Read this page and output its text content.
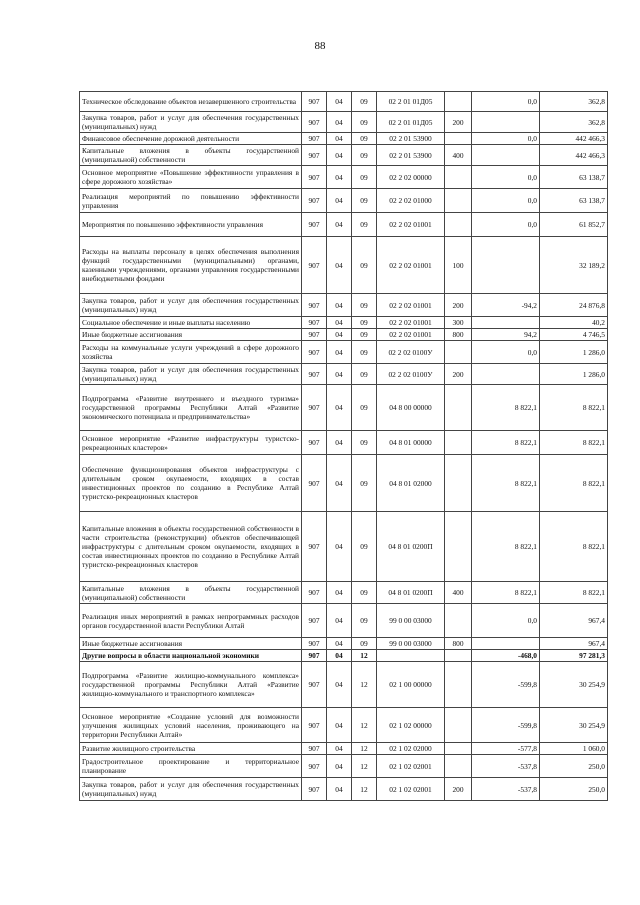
88
Техническое обследование объектов незавершенного строительства	907	04	09	02 2 01 01Д05		0,0	362,8
Закупка товаров, работ и услуг для обеспечения государственных (муниципальных) нужд	907	04	09	02 2 01 01Д05	200		362,8
Финансовое обеспечение дорожной деятельности	907	04	09	02 2 01 53900		0,0	442 466,3
Капитальные вложения в объекты государственной (муниципальной) собственности	907	04	09	02 2 01 53900	400		442 466,3
Основное мероприятие «Повышение эффективности управления в сфере дорожного хозяйства»	907	04	09	02 2 02 00000		0,0	63 138,7
Реализация мероприятий по повышению эффективности управления	907	04	09	02 2 02 01000		0,0	63 138,7
Мероприятия по повышению эффективности управления	907	04	09	02 2 02 01001		0,0	61 852,7
Расходы на выплаты персоналу в целях обеспечения выполнения функций государственными (муниципальными) органами, казенными учреждениями, органами управления государственными внебюджетными фондами	907	04	09	02 2 02 01001	100		32 189,2
Закупка товаров, работ и услуг для обеспечения государственных (муниципальных) нужд	907	04	09	02 2 02 01001	200	-94,2	24 876,8
Социальное обеспечение и иные выплаты населению	907	04	09	02 2 02 01001	300		40,2
Иные бюджетные ассигнования	907	04	09	02 2 02 01001	800	94,2	4 746,5
Расходы на коммунальные услуги учреждений в сфере дорожного хозяйства	907	04	09	02 2 02 0100У		0,0	1 286,0
Закупка товаров, работ и услуг для обеспечения государственных (муниципальных) нужд	907	04	09	02 2 02 0100У	200		1 286,0
Подпрограмма «Развитие внутреннего и въездного туризма» государственной программы Республики Алтай «Развитие экономического потенциала и предпринимательства»	907	04	09	04 8 00 00000		8 822,1	8 822,1
Основное мероприятие «Развитие инфраструктуры туристско-рекреационных кластеров»	907	04	09	04 8 01 00000		8 822,1	8 822,1
Обеспечение функционирования объектов инфраструктуры с длительным сроком окупаемости, входящих в состав инвестиционных проектов по созданию в Республике Алтай туристско-рекреационных кластеров	907	04	09	04 8 01 02000		8 822,1	8 822,1
Капитальные вложения в объекты государственной собственности в части строительства (реконструкции) объектов обеспечивающей инфраструктуры с длительным сроком окупаемости, входящих в состав инвестиционных проектов по созданию в Республике Алтай туристско-рекреационных кластеров	907	04	09	04 8 01 0200П		8 822,1	8 822,1
Капитальные вложения в объекты государственной (муниципальной) собственности	907	04	09	04 8 01 0200П	400	8 822,1	8 822,1
Реализация иных мероприятий в рамках непрограммных расходов органов государственной власти Республики Алтай	907	04	09	99 0 00 03000		0,0	967,4
Иные бюджетные ассигнования	907	04	09	99 0 00 03000	800		967,4
Другие вопросы в области национальной экономики	907	04	12			-468,0	97 281,3
Подпрограмма «Развитие жилищно-коммунального комплекса» государственной программы Республики Алтай «Развитие жилищно-коммунального и транспортного комплекса»	907	04	12	02 1 00 00000		-599,8	30 254,9
Основное мероприятие «Создание условий для возможности улучшения жилищных условий населения, проживающего на территории Республики Алтай»	907	04	12	02 1 02 00000		-599,8	30 254,9
Развитие жилищного строительства	907	04	12	02 1 02 02000		-577,8	1 060,0
Градостроительное проектирование и территориальное планирование	907	04	12	02 1 02 02001		-537,8	250,0
Закупка товаров, работ и услуг для обеспечения государственных (муниципальных) нужд	907	04	12	02 1 02 02001	200	-537,8	250,0
